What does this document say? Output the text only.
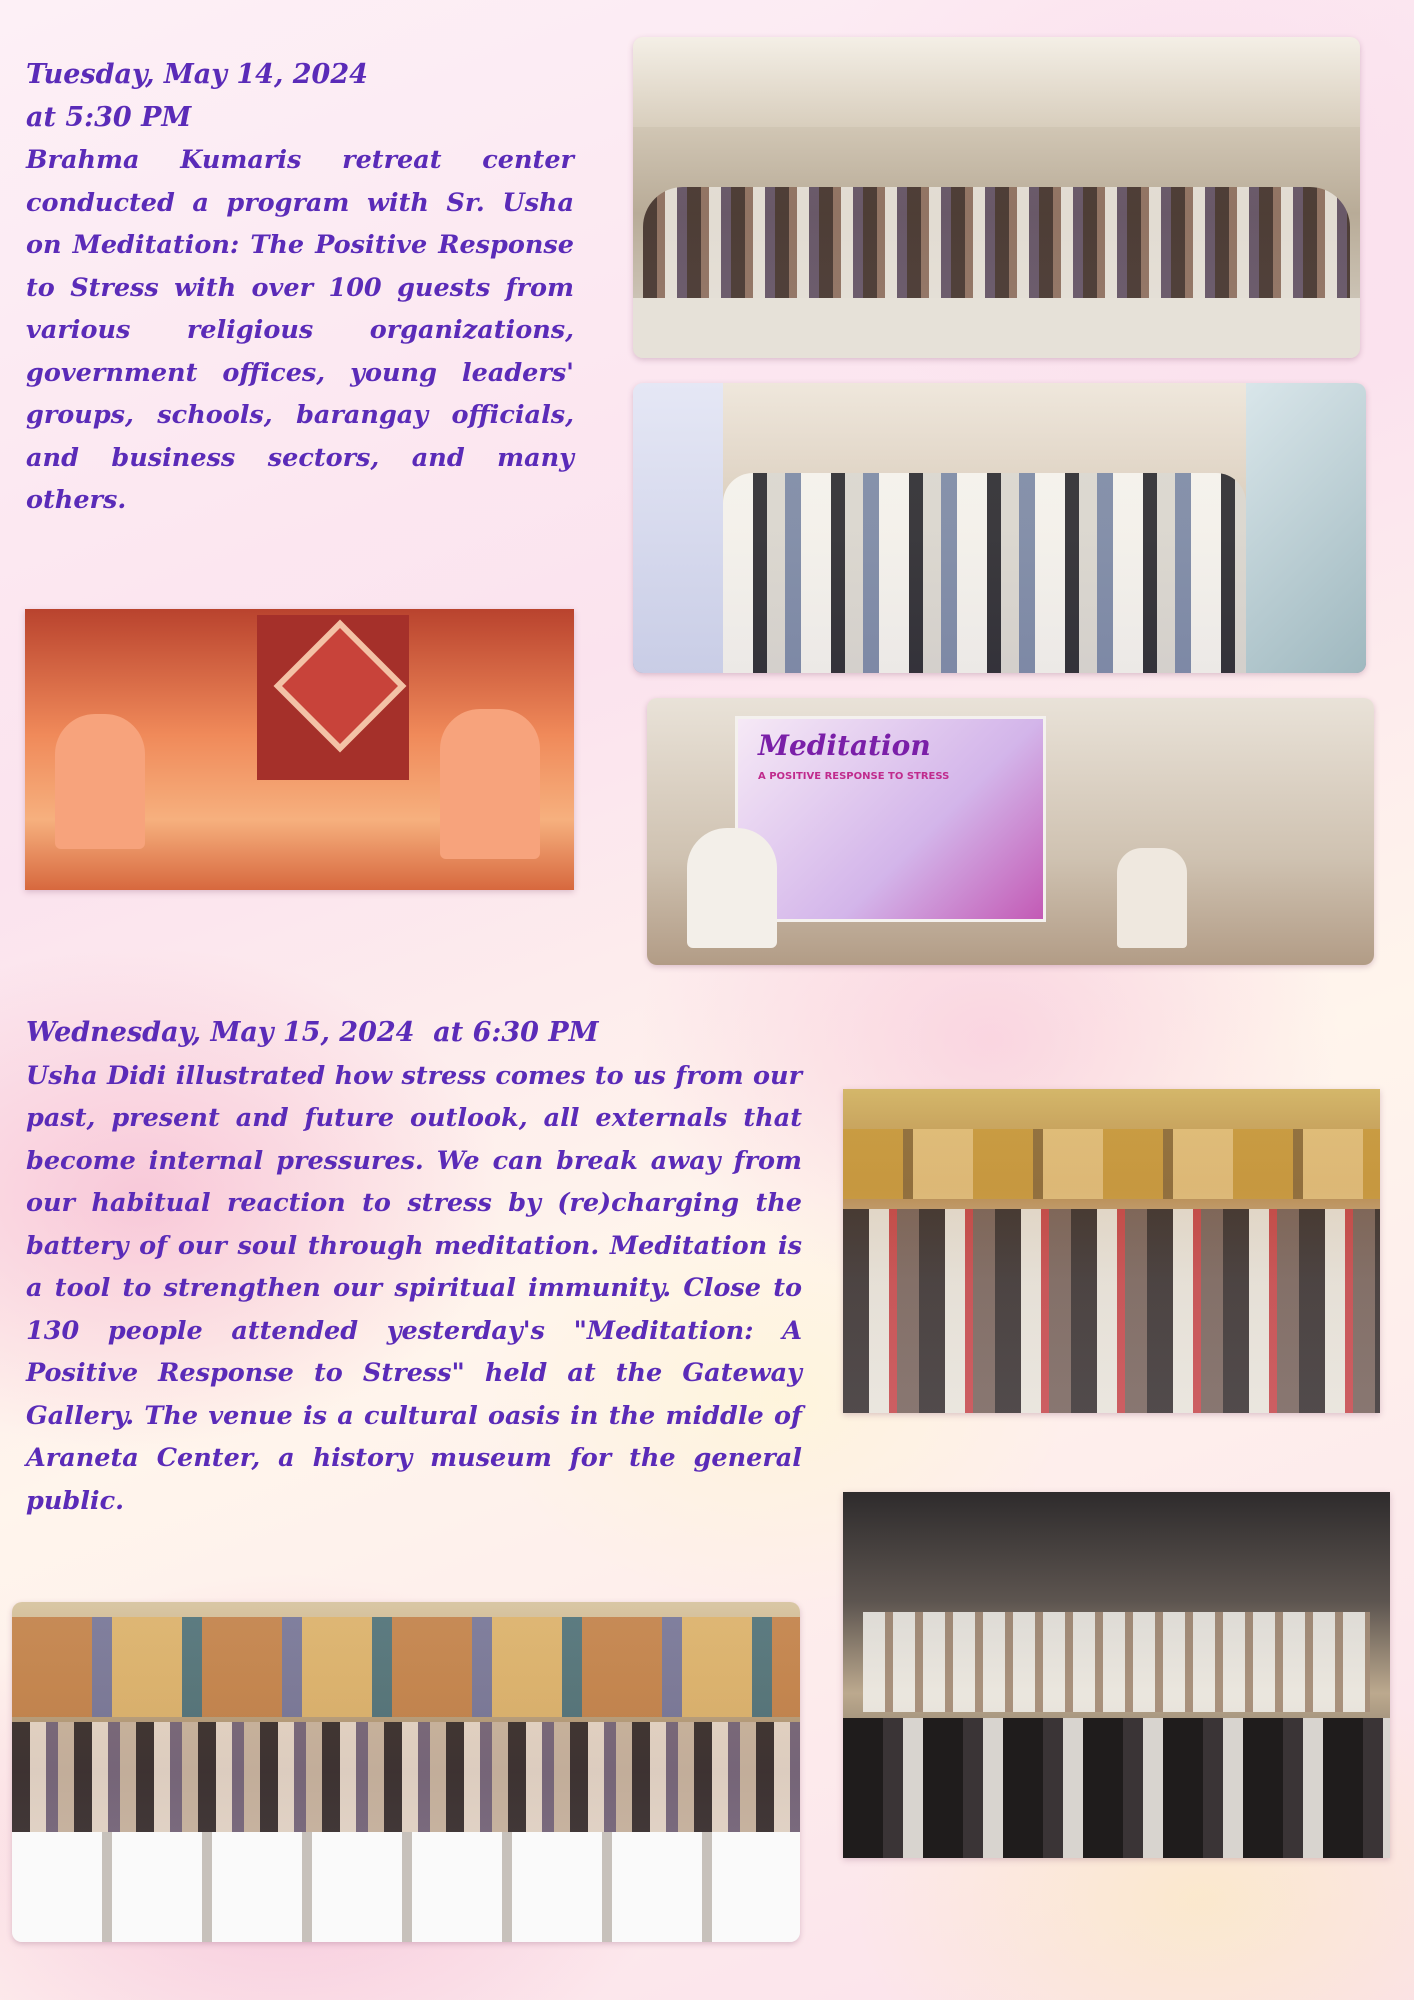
Tuesday, May 14, 2024
at 5:30 PM
Brahma Kumaris retreat center conducted a program with Sr. Usha on Meditation: The Positive Response to Stress with over 100 guests from various religious organizations, government offices, young leaders' groups, schools, barangay officials, and business sectors, and many others.
Meditation
A POSITIVE RESPONSE TO STRESS
Wednesday, May 15, 2024  at 6:30 PM
Usha Didi illustrated how stress comes to us from our past, present and future outlook, all externals that become internal pressures. We can break away from our habitual reaction to stress by (re)charging the battery of our soul through meditation. Meditation is a tool to strengthen our spiritual immunity. Close to 130 people attended yesterday's "Meditation: A Positive Response to Stress" held at the Gateway Gallery. The venue is a cultural oasis in the middle of Araneta Center, a history museum for the general public.
